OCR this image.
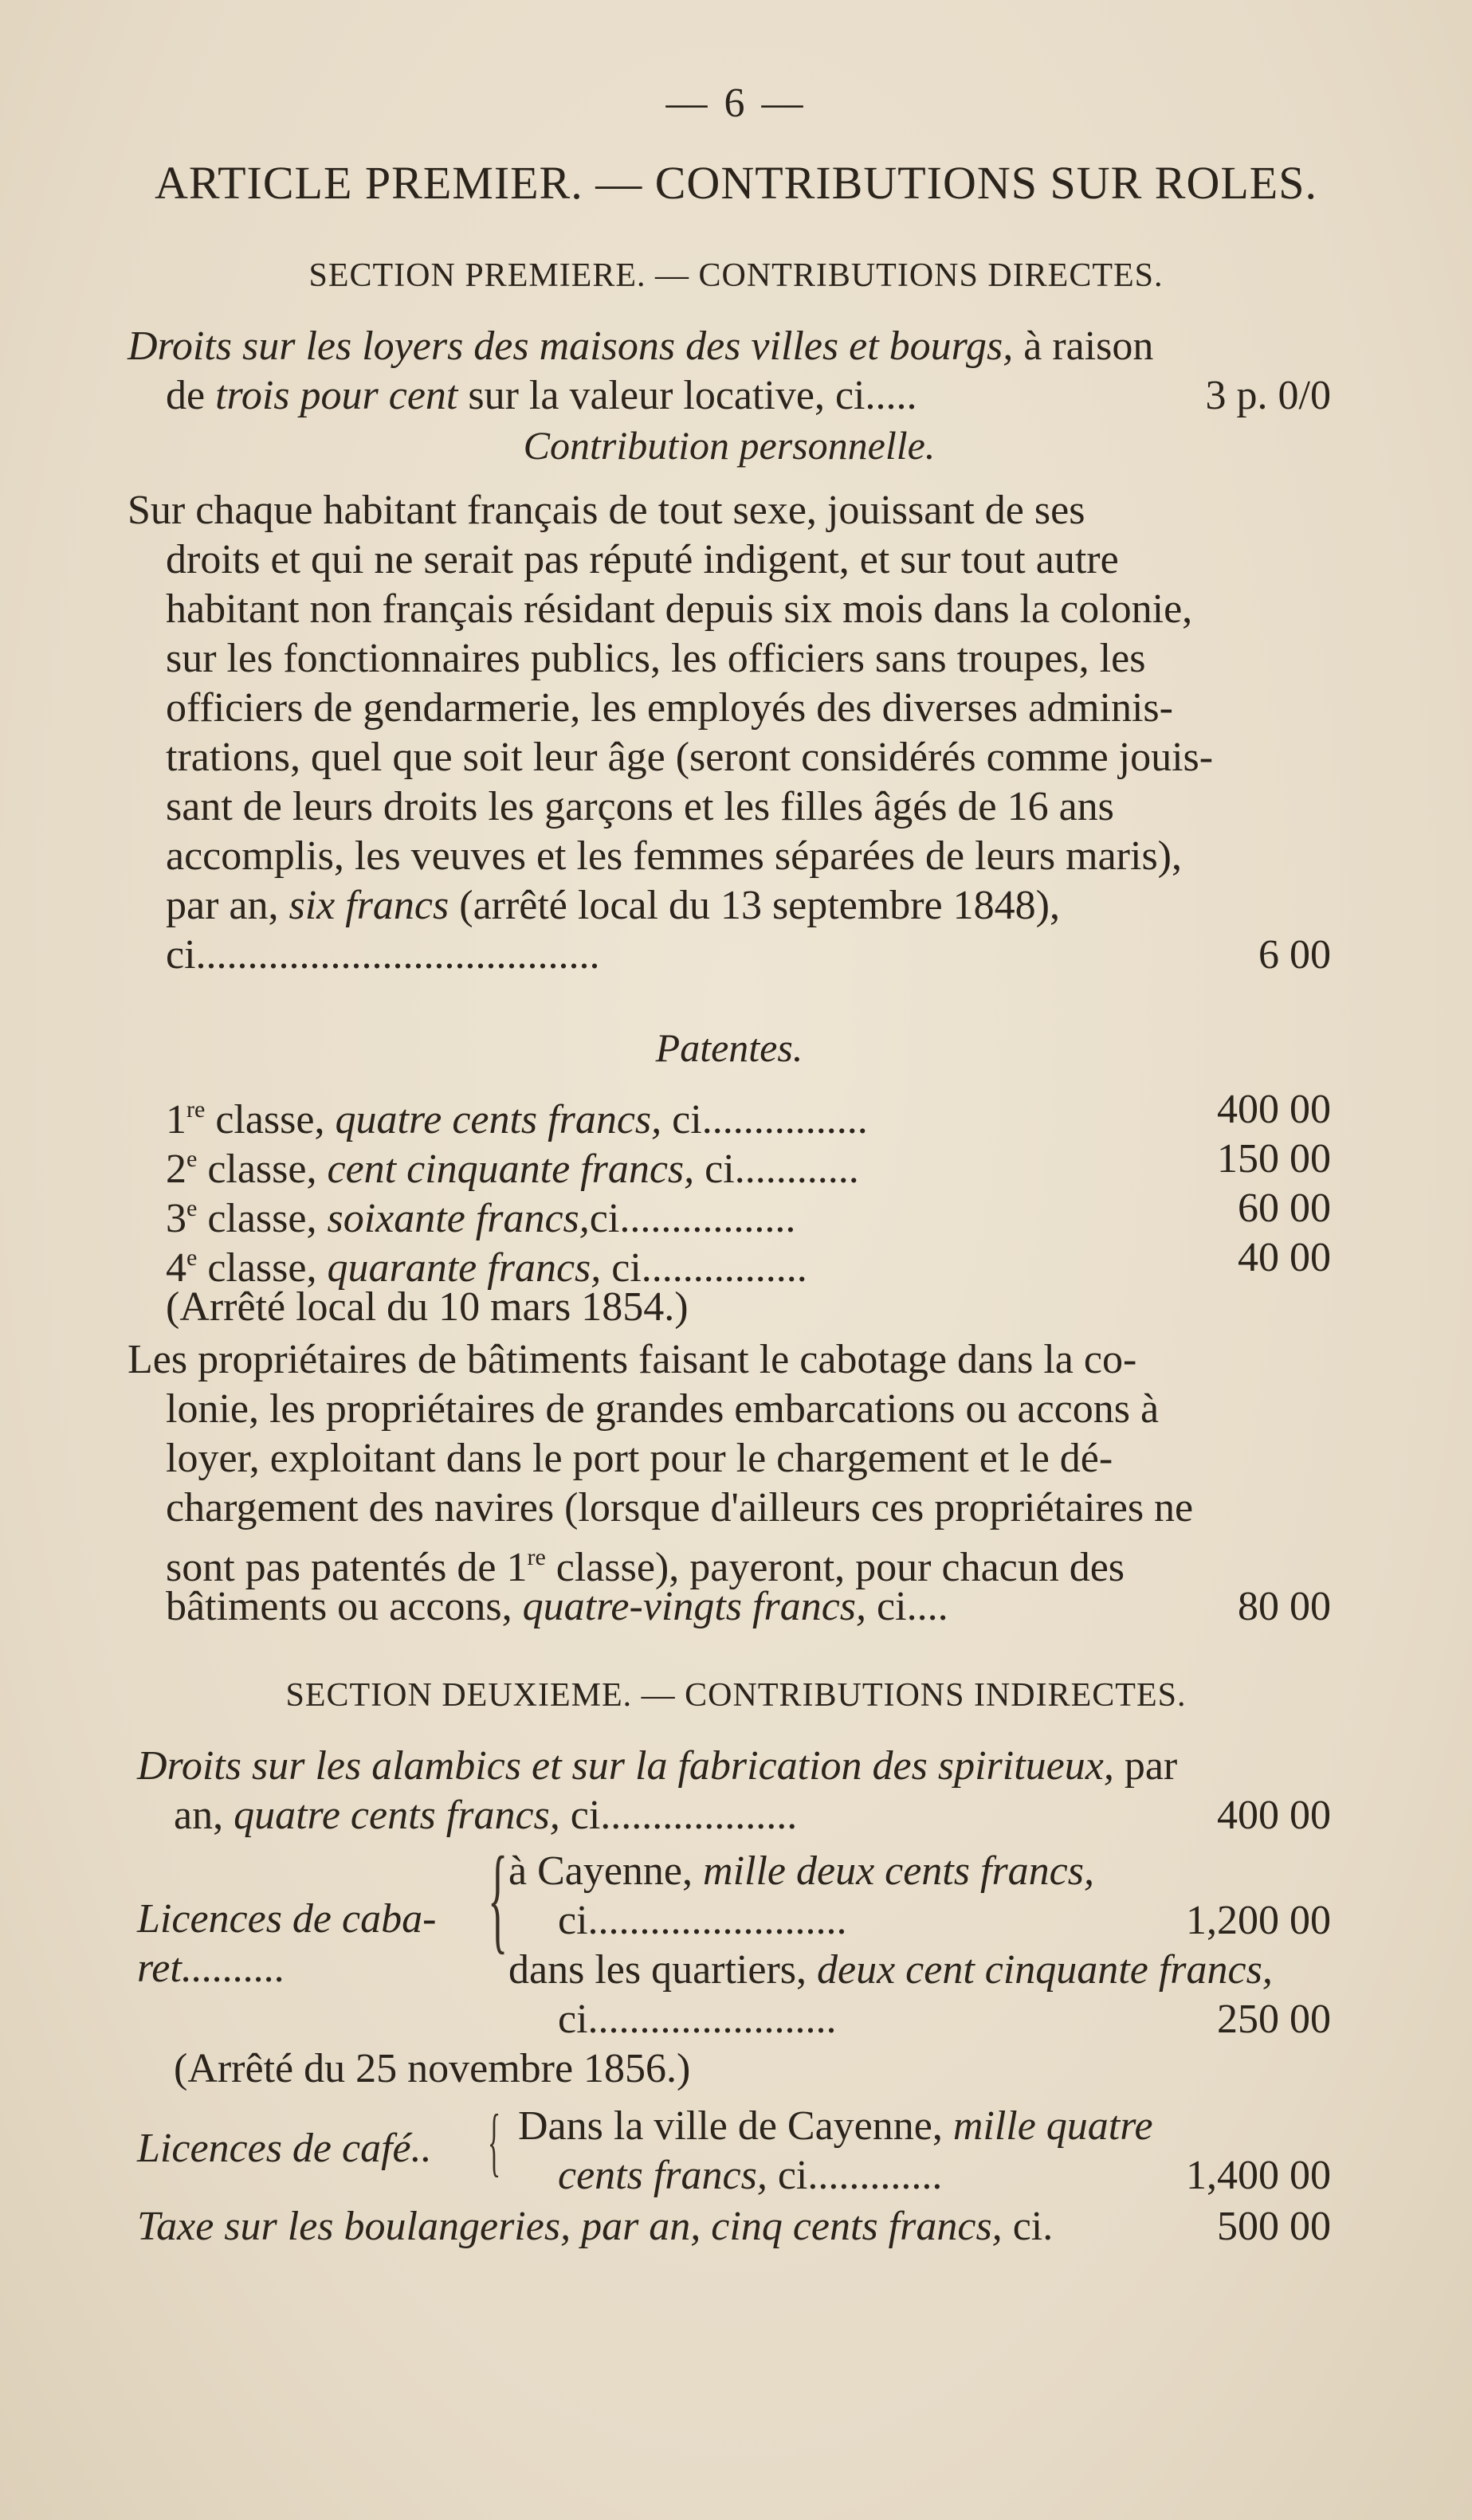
— 6 —
ARTICLE PREMIER. — CONTRIBUTIONS SUR ROLES.
SECTION PREMIERE. — CONTRIBUTIONS DIRECTES.
Droits sur les loyers des maisons des villes et bourgs, à raison
de trois pour cent sur la valeur locative, ci.....	3 p. 0/0
Contribution personnelle.
Sur chaque habitant français de tout sexe, jouissant de ses
droits et qui ne serait pas réputé indigent, et sur tout autre
habitant non français résidant depuis six mois dans la colonie,
sur les fonctionnaires publics, les officiers sans troupes, les
officiers de gendarmerie, les employés des diverses adminis-
trations, quel que soit leur âge (seront considérés comme jouis-
sant de leurs droits les garçons et les filles âgés de 16 ans
accomplis, les veuves et les femmes séparées de leurs maris),
par an, six francs (arrêté local du 13 septembre 1848),
ci.......................................	6 00
Patentes.
1re classe, quatre cents francs, ci................	400 00
2e classe, cent cinquante francs, ci............	150 00
3e classe, soixante francs,ci.................	60 00
4e classe, quarante francs, ci................	40 00
(Arrêté local du 10 mars 1854.)
Les propriétaires de bâtiments faisant le cabotage dans la co-
lonie, les propriétaires de grandes embarcations ou accons à
loyer, exploitant dans le port pour le chargement et le dé-
chargement des navires (lorsque d'ailleurs ces propriétaires ne
sont pas patentés de 1re classe), payeront, pour chacun des
bâtiments ou accons, quatre-vingts francs, ci....	80 00
SECTION DEUXIEME. — CONTRIBUTIONS INDIRECTES.
Droits sur les alambics et sur la fabrication des spiritueux, par
an, quatre cents francs, ci...................	400 00
Licences de caba-
ret..........
{ à Cayenne, mille deux cents francs,
ci.........................	1,200 00
dans les quartiers, deux cent cinquante francs,
ci........................	250 00
(Arrêté du 25 novembre 1856.)
Licences de café.. { Dans la ville de Cayenne, mille quatre
cents francs, ci.............	1,400 00
Taxe sur les boulangeries, par an, cinq cents francs, ci.	500 00
